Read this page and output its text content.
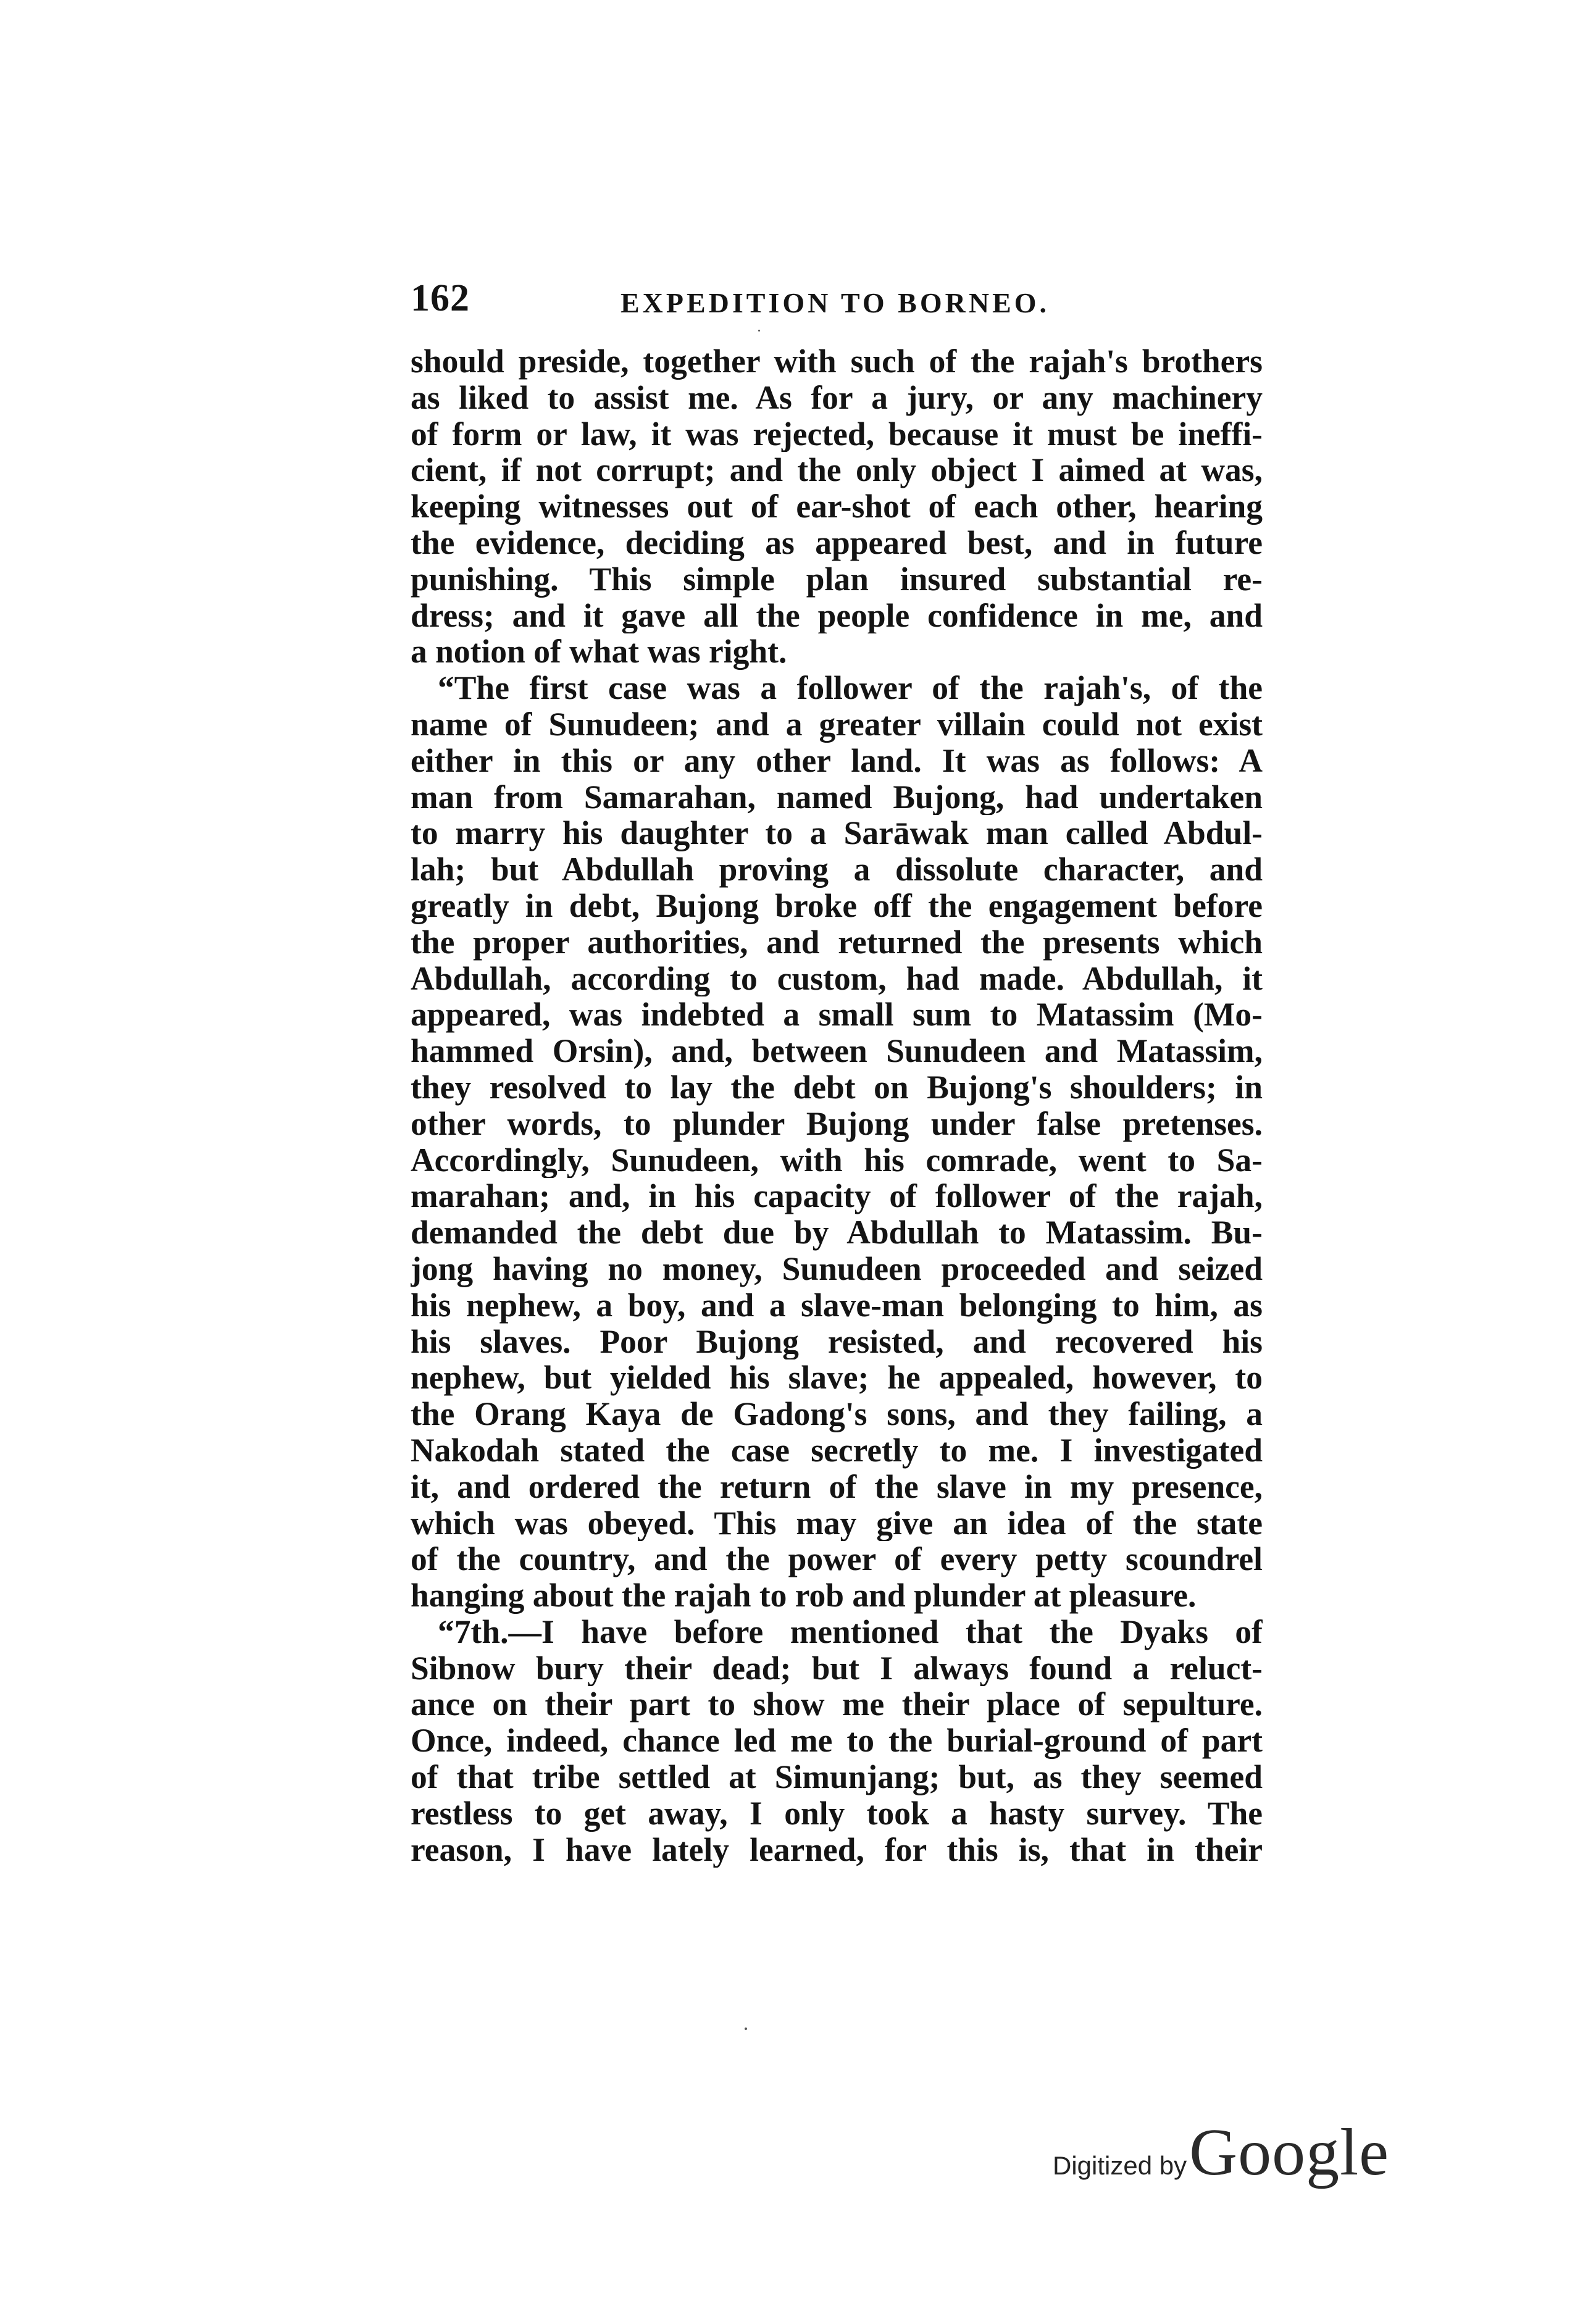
162	EXPEDITION TO BORNEO.
should preside, together with such of the rajah's brothers
as liked to assist me. As for a jury, or any machinery
of form or law, it was rejected, because it must be ineffi-
cient, if not corrupt; and the only object I aimed at was,
keeping witnesses out of ear-shot of each other, hearing
the evidence, deciding as appeared best, and in future
punishing. This simple plan insured substantial re-
dress; and it gave all the people confidence in me, and
a notion of what was right.
“The first case was a follower of the rajah's, of the
name of Sunudeen; and a greater villain could not exist
either in this or any other land. It was as follows: A
man from Samarahan, named Bujong, had undertaken
to marry his daughter to a Sarāwak man called Abdul-
lah; but Abdullah proving a dissolute character, and
greatly in debt, Bujong broke off the engagement before
the proper authorities, and returned the presents which
Abdullah, according to custom, had made. Abdullah, it
appeared, was indebted a small sum to Matassim (Mo-
hammed Orsin), and, between Sunudeen and Matassim,
they resolved to lay the debt on Bujong's shoulders; in
other words, to plunder Bujong under false pretenses.
Accordingly, Sunudeen, with his comrade, went to Sa-
marahan; and, in his capacity of follower of the rajah,
demanded the debt due by Abdullah to Matassim. Bu-
jong having no money, Sunudeen proceeded and seized
his nephew, a boy, and a slave-man belonging to him, as
his slaves. Poor Bujong resisted, and recovered his
nephew, but yielded his slave; he appealed, however, to
the Orang Kaya de Gadong's sons, and they failing, a
Nakodah stated the case secretly to me. I investigated
it, and ordered the return of the slave in my presence,
which was obeyed. This may give an idea of the state
of the country, and the power of every petty scoundrel
hanging about the rajah to rob and plunder at pleasure.
“7th.—I have before mentioned that the Dyaks of
Sibnow bury their dead; but I always found a reluct-
ance on their part to show me their place of sepulture.
Once, indeed, chance led me to the burial-ground of part
of that tribe settled at Simunjang; but, as they seemed
restless to get away, I only took a hasty survey. The
reason, I have lately learned, for this is, that in their
Digitized by Google
